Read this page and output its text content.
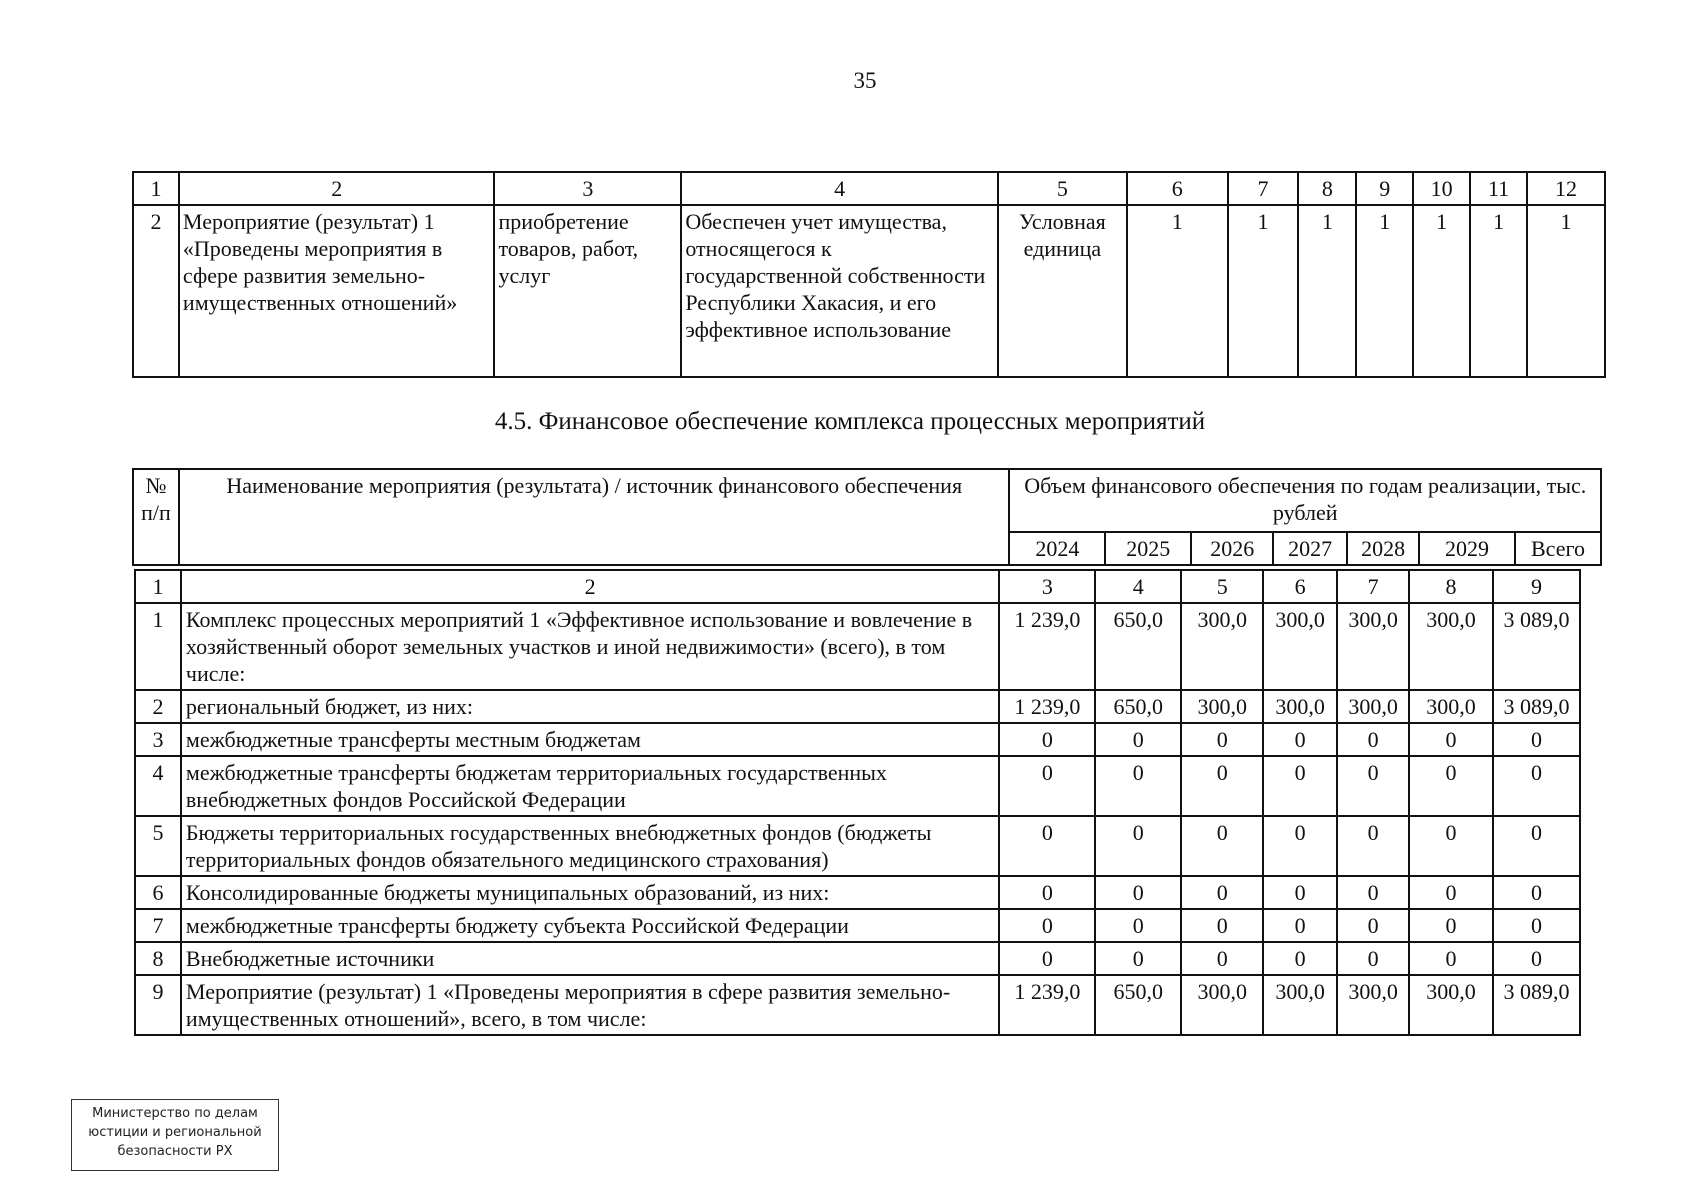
35
1	2	3	4	5	6	7	8	9	10	11	12
2	Мероприятие (результат) 1 «Проведены мероприятия в сфере развития земельно-имущественных отношений»	приобретение товаров, работ, услуг	Обеспечен учет имущества, относящегося к государственной собственности Республики Хакасия, и его эффективное использование	Условная единица	1	1	1	1	1	1	1
4.5. Финансовое обеспечение комплекса процессных мероприятий
№ п/п	Наименование мероприятия (результата) / источник финансового обеспечения	Объем финансового обеспечения по годам реализации, тыс. рублей						
		2024	2025	2026	2027	2028	2029	Всего
1	2	3	4	5	6	7	8	9
1	Комплекс процессных мероприятий 1 «Эффективное использование и вовлечение в хозяйственный оборот земельных участков и иной недвижимости» (всего), в том числе:	1 239,0	650,0	300,0	300,0	300,0	300,0	3 089,0
2	региональный бюджет, из них:	1 239,0	650,0	300,0	300,0	300,0	300,0	3 089,0
3	межбюджетные трансферты местным бюджетам	0	0	0	0	0	0	0
4	межбюджетные трансферты бюджетам территориальных государственных внебюджетных фондов Российской Федерации	0	0	0	0	0	0	0
5	Бюджеты территориальных государственных внебюджетных фондов (бюджеты территориальных фондов обязательного медицинского страхования)	0	0	0	0	0	0	0
6	Консолидированные бюджеты муниципальных образований, из них:	0	0	0	0	0	0	0
7	межбюджетные трансферты бюджету субъекта Российской Федерации	0	0	0	0	0	0	0
8	Внебюджетные источники	0	0	0	0	0	0	0
9	Мероприятие (результат) 1 «Проведены мероприятия в сфере развития земельно-имущественных отношений», всего, в том числе:	1 239,0	650,0	300,0	300,0	300,0	300,0	3 089,0
Министерство по делам
юстиции и региональной
безопасности РХ
